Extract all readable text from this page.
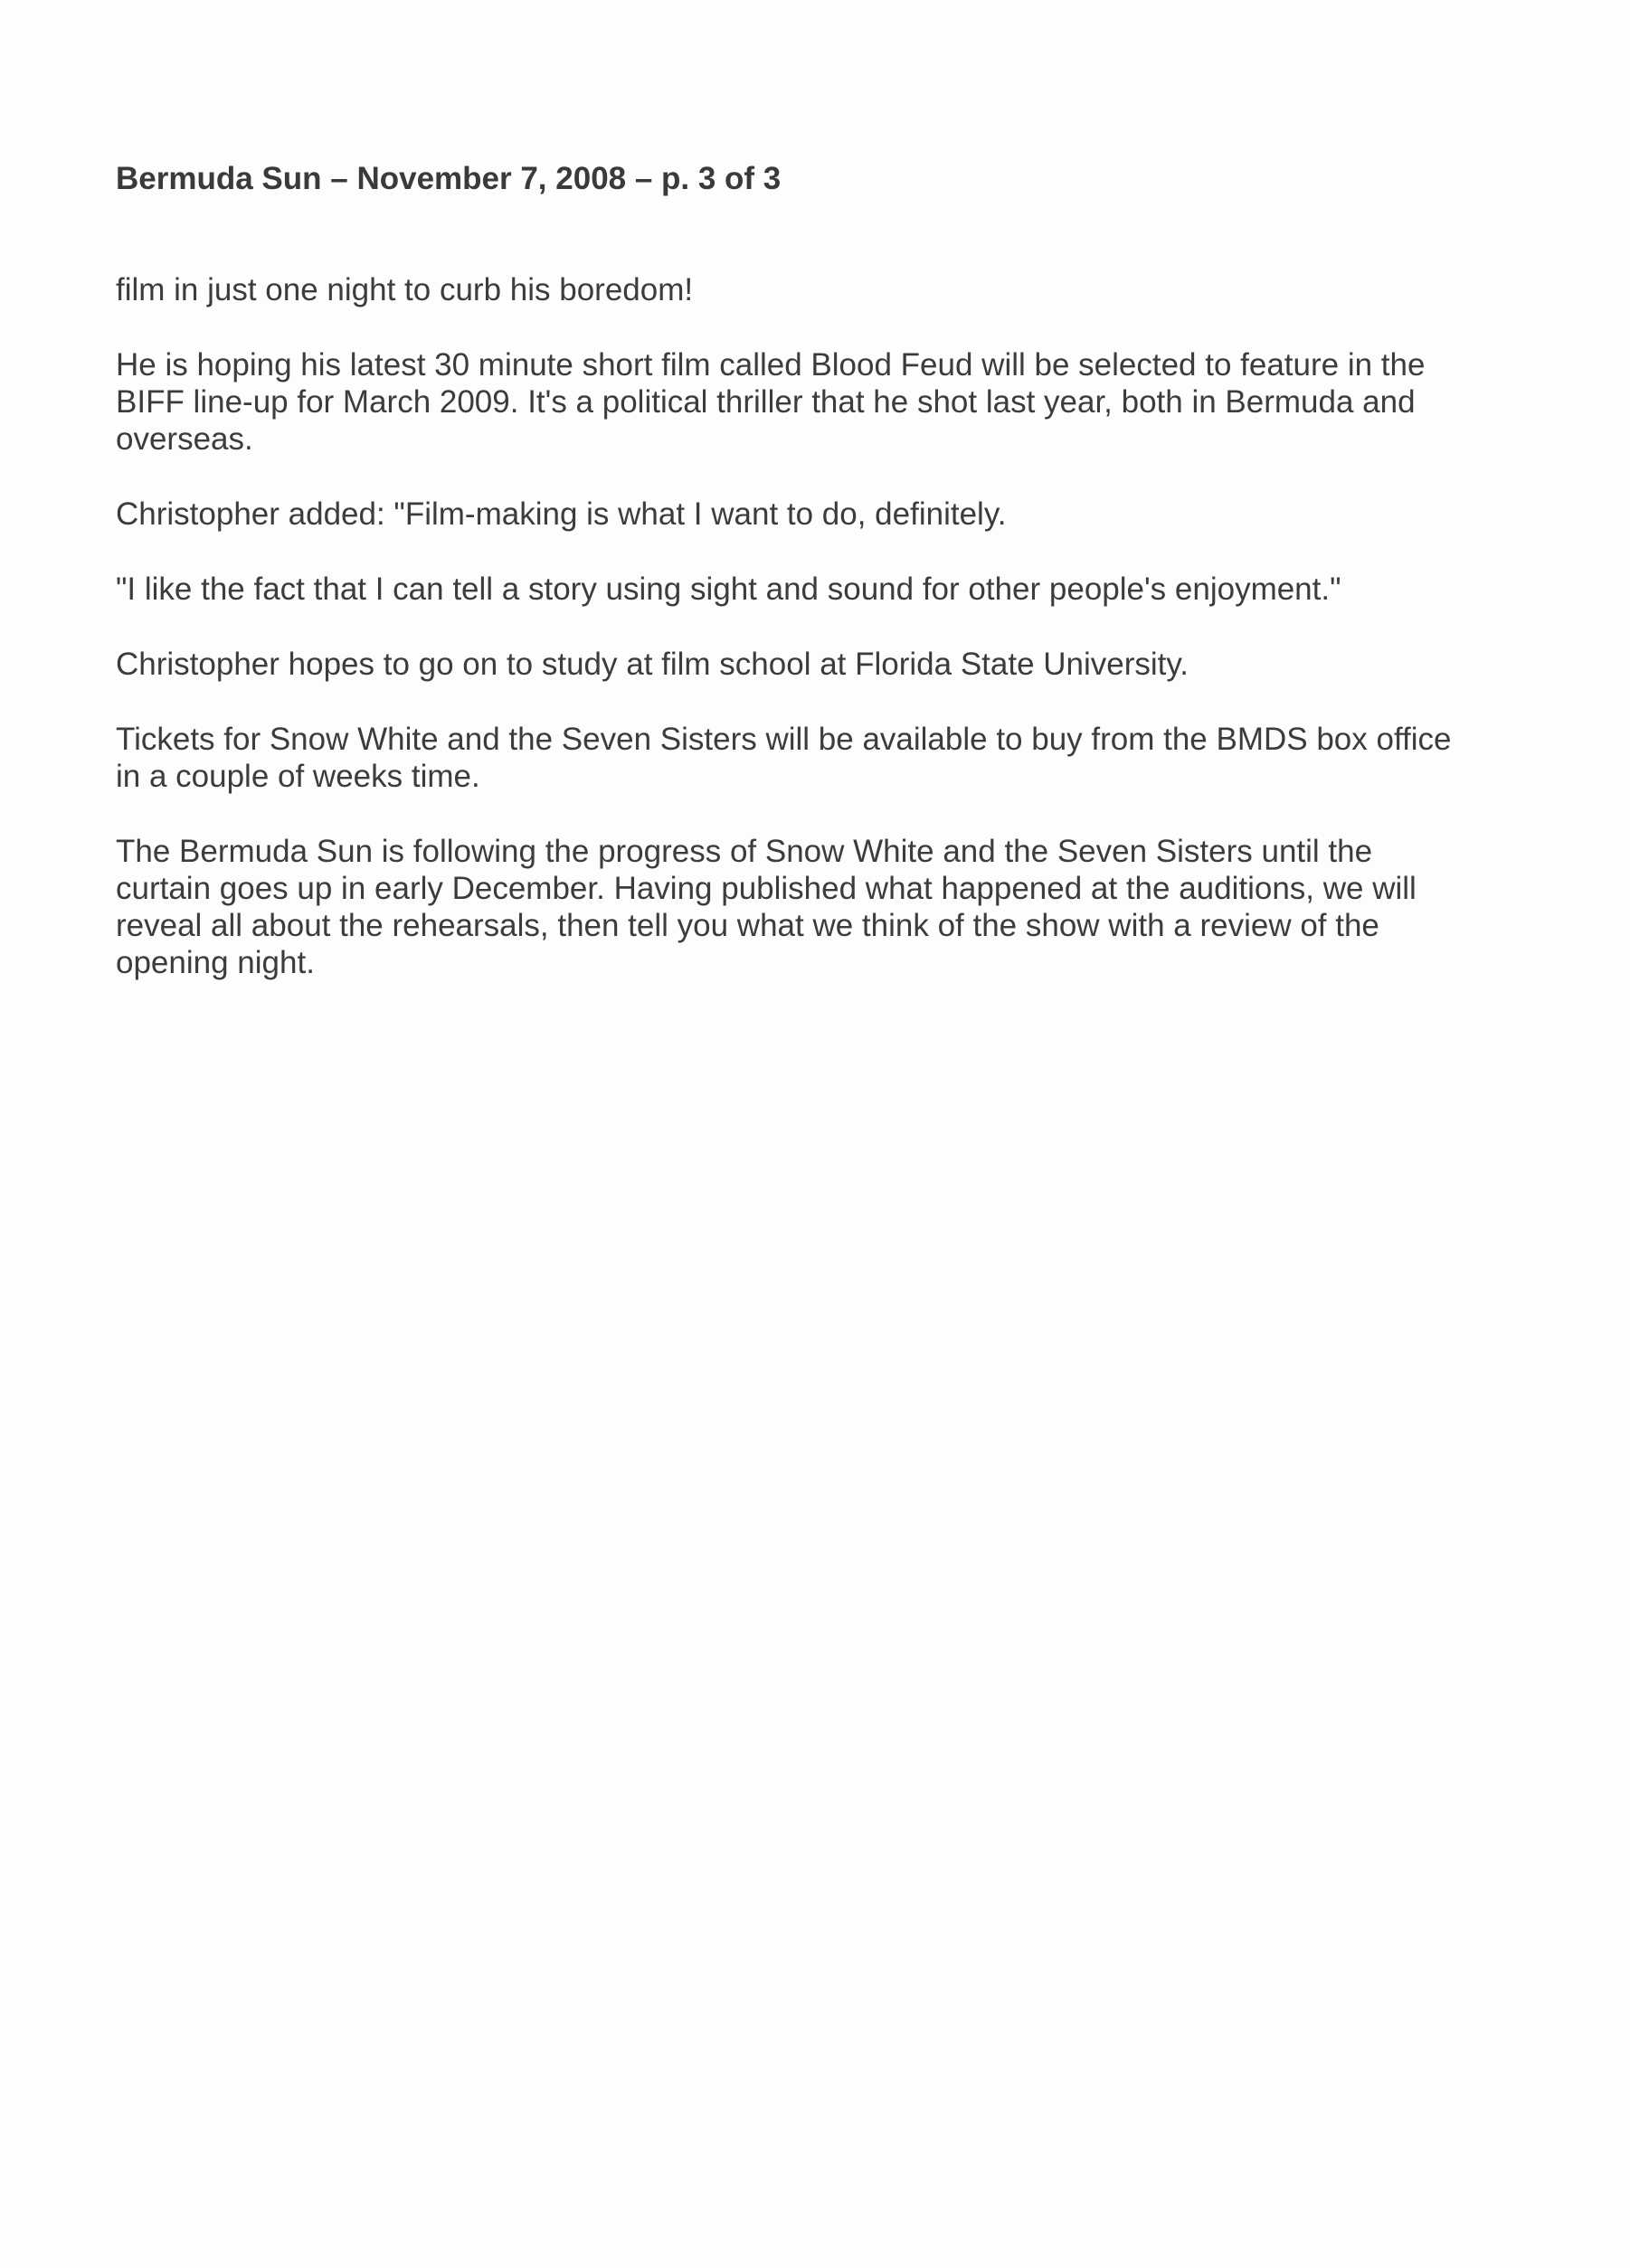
Bermuda Sun – November 7, 2008 – p. 3 of 3

film in just one night to curb his boredom!

He is hoping his latest 30 minute short film called Blood Feud will be selected to feature in the
BIFF line-up for March 2009. It's a political thriller that he shot last year, both in Bermuda and
overseas.

Christopher added: "Film-making is what I want to do, definitely.

"I like the fact that I can tell a story using sight and sound for other people's enjoyment."

Christopher hopes to go on to study at film school at Florida State University.

Tickets for Snow White and the Seven Sisters will be available to buy from the BMDS box office
in a couple of weeks time.

The Bermuda Sun is following the progress of Snow White and the Seven Sisters until the
curtain goes up in early December. Having published what happened at the auditions, we will
reveal all about the rehearsals, then tell you what we think of the show with a review of the
opening night.
